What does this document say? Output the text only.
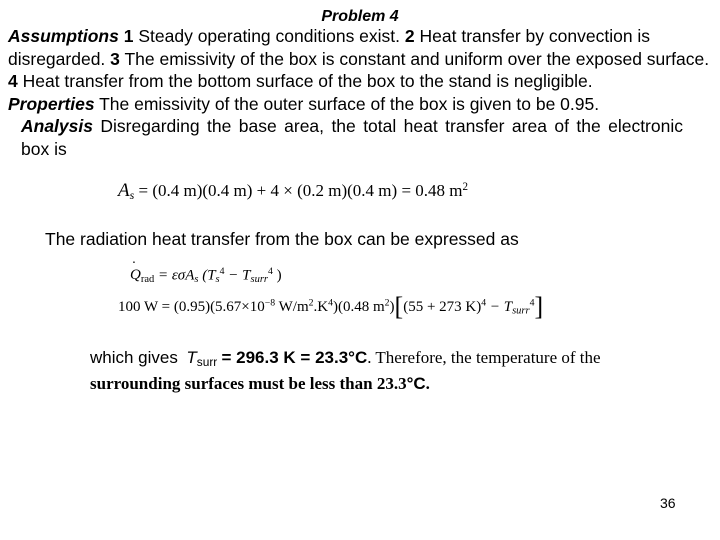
Problem 4
Assumptions 1 Steady operating conditions exist. 2 Heat transfer by convection is disregarded. 3 The emissivity of the box is constant and uniform over the exposed surface. 4 Heat transfer from the bottom surface of the box to the stand is negligible.
Properties The emissivity of the outer surface of the box is given to be 0.95.
Analysis Disregarding the base area, the total heat transfer area of the electronic box is
$A_s = (0.4$ m)(0.4 m) + 4 × (0.2 m)(0.4 m) = 0.48 $m^2$
The radiation heat transfer from the box can be expressed as
· $Q_{rad} = \varepsilon\sigma A_s$ ($T_s^4 - T_{surr}^4$ )
100 $W = (0.95)(5.67\times 10^{-8}$ $W/m^2.K^4)(0.48$ $m^2)[(55 + 273$ $K)^4 - T_{surr}^4$]
which gives $T_{surr} = 296.3$ K = 23.3°C. Therefore, the temperature of the
surrounding surfaces must be less than 23.3°C.
36
